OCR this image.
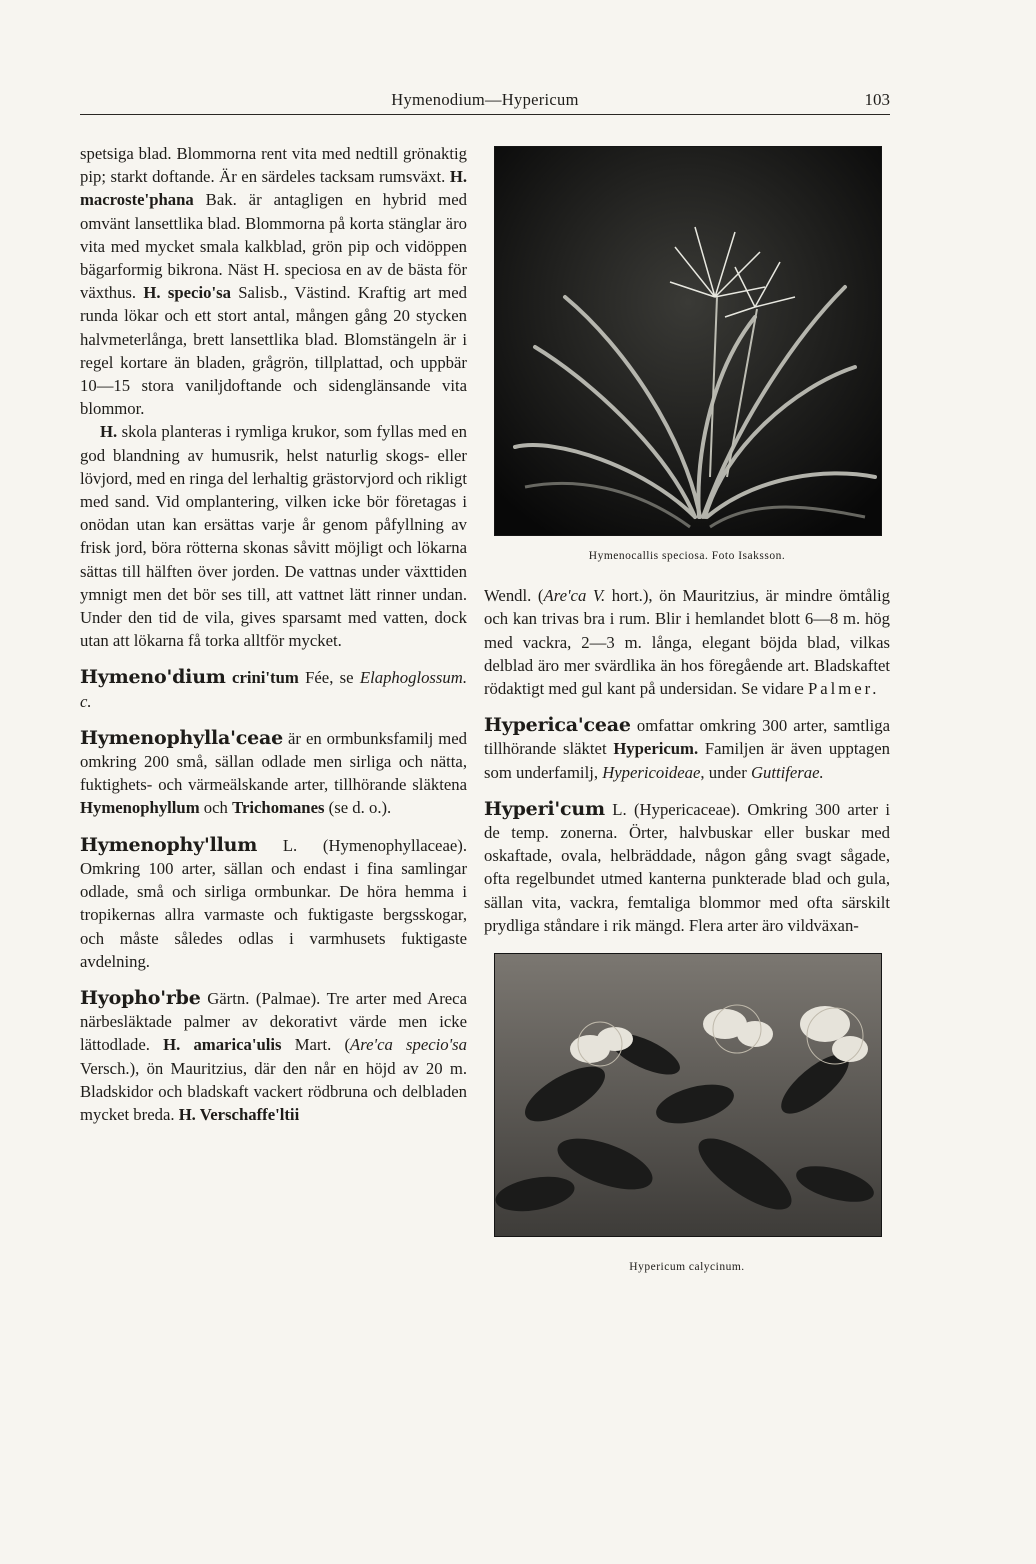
Hymenodium—Hypericum	103

spetsiga blad. Blommorna rent vita med nedtill grönaktig pip; starkt doftande. Är en särdeles tacksam rumsväxt. H. macroste'phana Bak. är antagligen en hybrid med omvänt lansettlika blad. Blommorna på korta stänglar äro vita med mycket smala kalkblad, grön pip och vidöppen bägarformig bikrona. Näst H. speciosa en av de bästa för växthus. H. specio'sa Salisb., Västind. Kraftig art med runda lökar och ett stort antal, mången gång 20 stycken halvmeterlånga, brett lansettlika blad. Blomstängeln är i regel kortare än bladen, grågrön, tillplattad, och uppbär 10—15 stora vaniljdoftande och sidenglänsande vita blommor.

H. skola planteras i rymliga krukor, som fyllas med en god blandning av humusrik, helst naturlig skogs- eller lövjord, med en ringa del lerhaltig grästorvjord och rikligt med sand. Vid omplantering, vilken icke bör företagas i onödan utan kan ersättas varje år genom påfyllning av frisk jord, böra rötterna skonas såvitt möjligt och lökarna sättas till hälften över jorden. De vattnas under växttiden ymnigt men det bör ses till, att vattnet lätt rinner undan. Under den tid de vila, gives sparsamt med vatten, dock utan att lökarna få torka alltför mycket.

Hymeno'dium crini'tum Fée, se Elaphoglossum. c.

Hymenophylla'ceae är en ormbunksfamilj med omkring 200 små, sällan odlade men sirliga och nätta, fuktighets- och värmeälskande arter, tillhörande släktena Hymenophyllum och Trichomanes (se d. o.).

Hymenophy'llum L. (Hymenophyllaceae). Omkring 100 arter, sällan och endast i fina samlingar odlade, små och sirliga ormbunkar. De höra hemma i tropikernas allra varmaste och fuktigaste bergsskogar, och måste således odlas i varmhusets fuktigaste avdelning.

Hyopho'rbe Gärtn. (Palmae). Tre arter med Areca närbesläktade palmer av dekorativt värde men icke lättodlade. H. amarica'ulis Mart. (Are'ca specio'sa Versch.), ön Mauritzius, där den når en höjd av 20 m. Bladskidor och bladskaft vackert rödbruna och delbladen mycket breda. H. Verschaffe'ltii

Hymenocallis speciosa. Foto Isaksson.

Wendl. (Are'ca V. hort.), ön Mauritzius, är mindre ömtålig och kan trivas bra i rum. Blir i hemlandet blott 6—8 m. hög med vackra, 2—3 m. långa, elegant böjda blad, vilkas delblad äro mer svärdlika än hos föregående art. Bladskaftet rödaktigt med gul kant på undersidan. Se vidare Palmer.

Hyperica'ceae omfattar omkring 300 arter, samtliga tillhörande släktet Hypericum. Familjen är även upptagen som underfamilj, Hypericoideae, under Guttiferae.

Hyperi'cum L. (Hypericaceae). Omkring 300 arter i de temp. zonerna. Örter, halvbuskar eller buskar med oskaftade, ovala, helbräddade, någon gång svagt sågade, ofta regelbundet utmed kanterna punkterade blad och gula, sällan vita, vackra, femtaliga blommor med ofta särskilt prydliga ståndare i rik mängd. Flera arter äro vildväxan-

Hypericum calycinum.
